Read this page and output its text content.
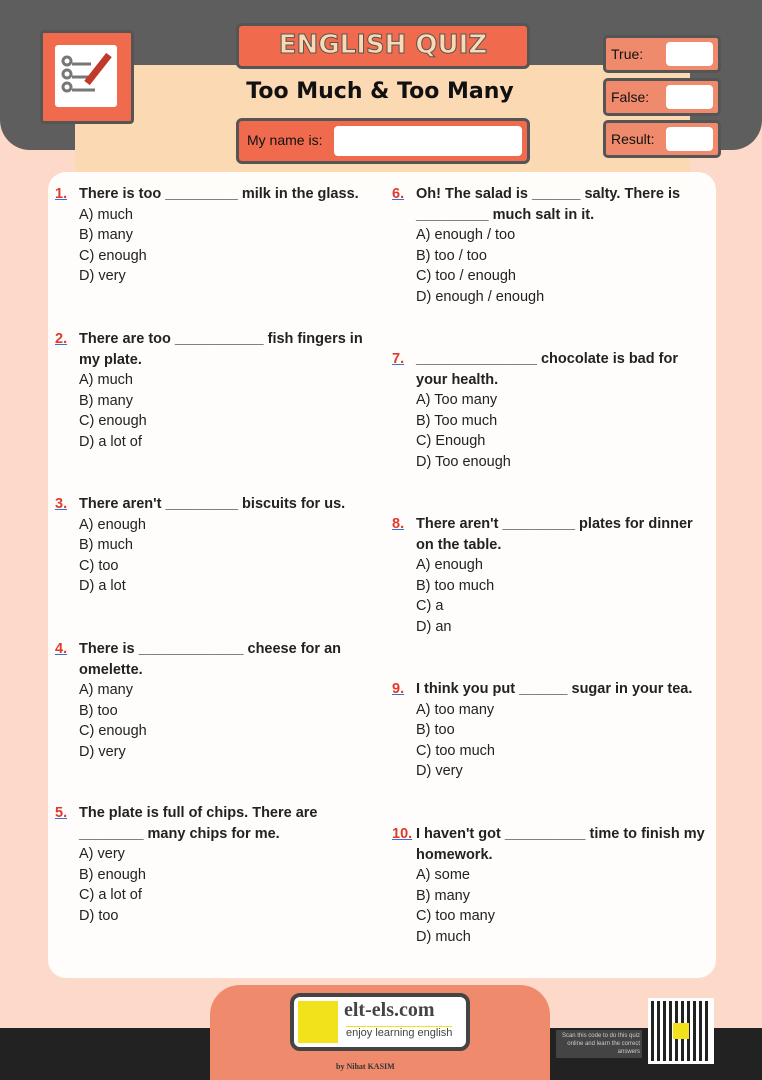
ENGLISH QUIZ
Too Much & Too Many
My name is:
True:
False:
Result:
1. There is too _________ milk in the glass.
A) much
B) many
C) enough
D) very
2. There are too ___________ fish fingers in my plate.
A) much
B) many
C) enough
D) a lot of
3. There aren't _________ biscuits for us.
A) enough
B) much
C) too
D) a lot
4. There is _____________ cheese for an omelette.
A) many
B) too
C) enough
D) very
5. The plate is full of chips. There are ________ many chips for me.
A) very
B) enough
C) a lot of
D) too
6. Oh! The salad is ______ salty. There is _________ much salt in it.
A) enough / too
B) too / too
C) too / enough
D) enough / enough
7. _______________ chocolate is bad for your health.
A) Too many
B) Too much
C) Enough
D) Too enough
8. There aren't _________ plates for dinner on the table.
A) enough
B) too much
C) a
D) an
9. I think you put ______ sugar in your tea.
A) too many
B) too
C) too much
D) very
10. I haven't got __________ time to finish my homework.
A) some
B) many
C) too many
D) much
elt-els.com
enjoy learning english
by Nihat KASIM
Scan this code to do this quiz online and learn the correct answers
